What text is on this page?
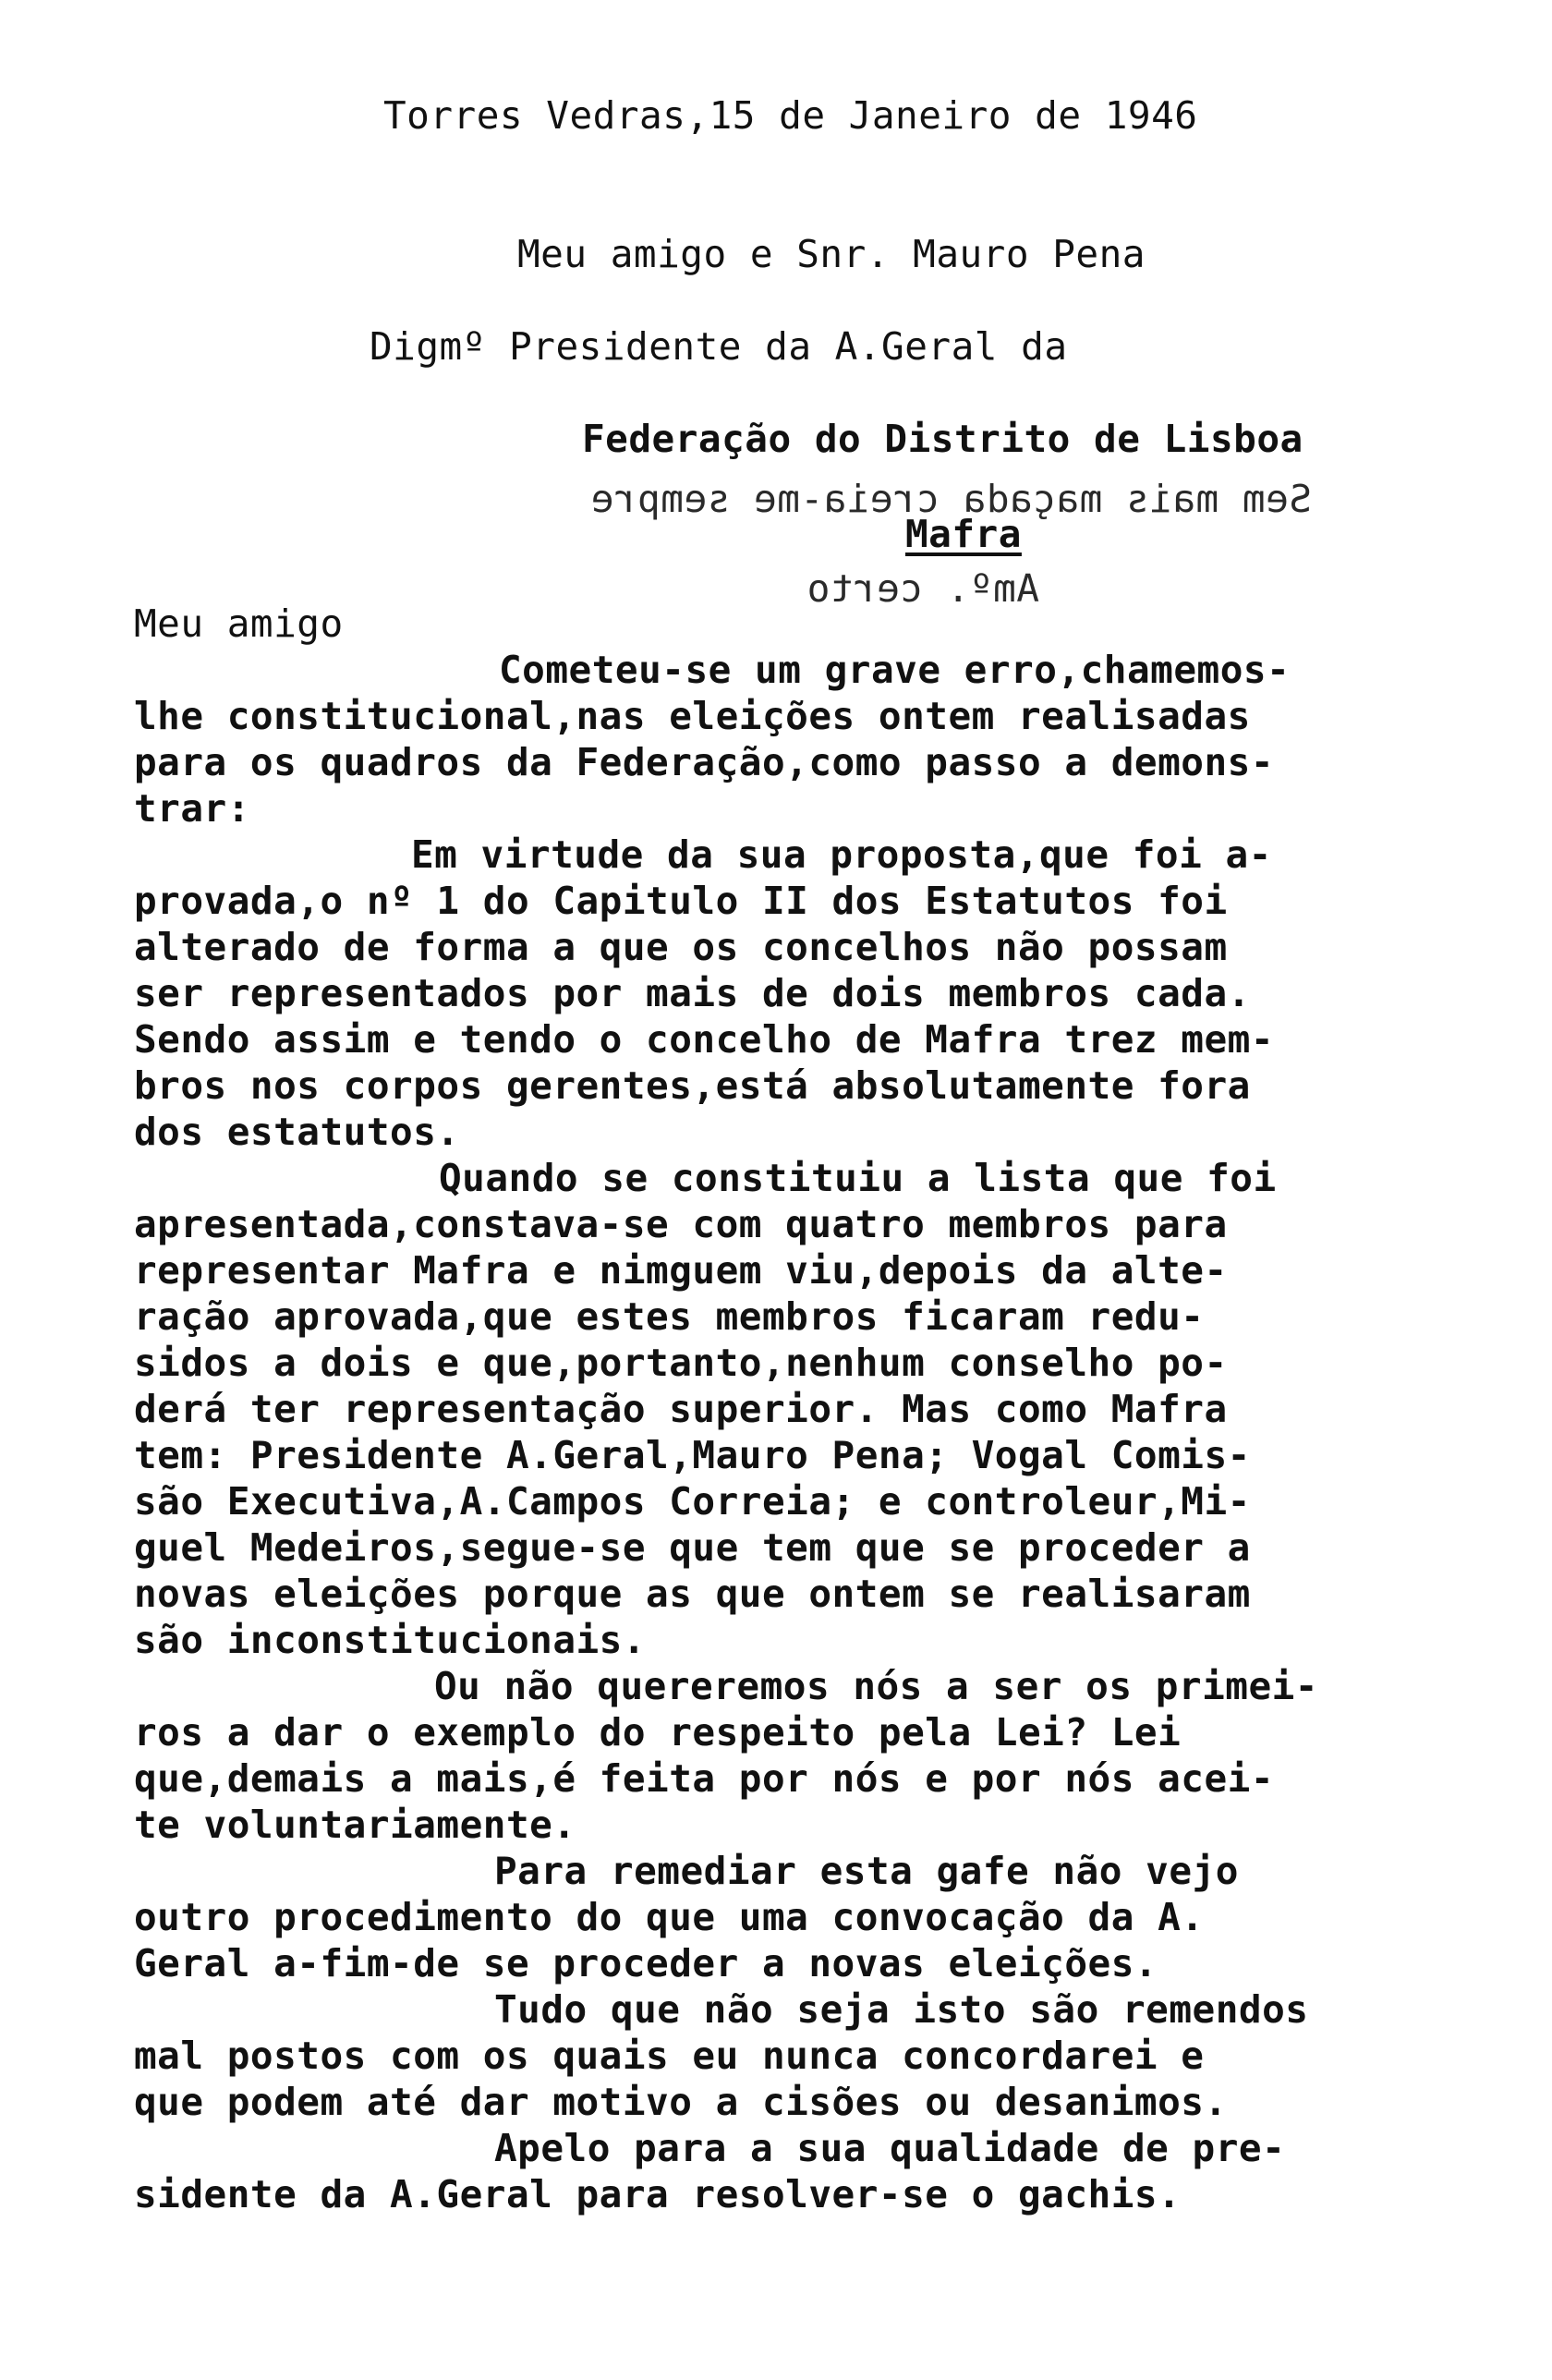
Torres Vedras,15 de Janeiro de 1946
Meu amigo e Snr. Mauro Pena
Digmº Presidente da A.Geral da
Federação do Distrito de Lisboa
Sem mais maçada creia-me sempre
Mafra
Amº. certo
Meu amigo
Cometeu-se um grave erro,chamemos-
lhe constitucional,nas eleições ontem realisadas
para os quadros da Federação,como passo a demons-
trar:
Em virtude da sua proposta,que foi a-
provada,o nº 1 do Capitulo II dos Estatutos foi
alterado de forma a que os concelhos não possam
ser representados por mais de dois membros cada.
Sendo assim e tendo o concelho de Mafra trez mem-
bros nos corpos gerentes,está absolutamente fora
dos estatutos.
Quando se constituiu a lista que foi
apresentada,constava-se com quatro membros para
representar Mafra e nimguem viu,depois da alte-
ração aprovada,que estes membros ficaram redu-
sidos a dois e que,portanto,nenhum conselho po-
derá ter representação superior. Mas como Mafra
tem: Presidente A.Geral,Mauro Pena; Vogal Comis-
são Executiva,A.Campos Correia; e controleur,Mi-
guel Medeiros,segue-se que tem que se proceder a
novas eleições porque as que ontem se realisaram
são inconstitucionais.
Ou não quereremos nós a ser os primei-
ros a dar o exemplo do respeito pela Lei? Lei
que,demais a mais,é feita por nós e por nós acei-
te voluntariamente.
Para remediar esta gafe não vejo
outro procedimento do que uma convocação da A.
Geral a-fim-de se proceder a novas eleições.
Tudo que não seja isto são remendos
mal postos com os quais eu nunca concordarei e
que podem até dar motivo a cisões ou desanimos.
Apelo para a sua qualidade de pre-
sidente da A.Geral para resolver-se o gachis.
